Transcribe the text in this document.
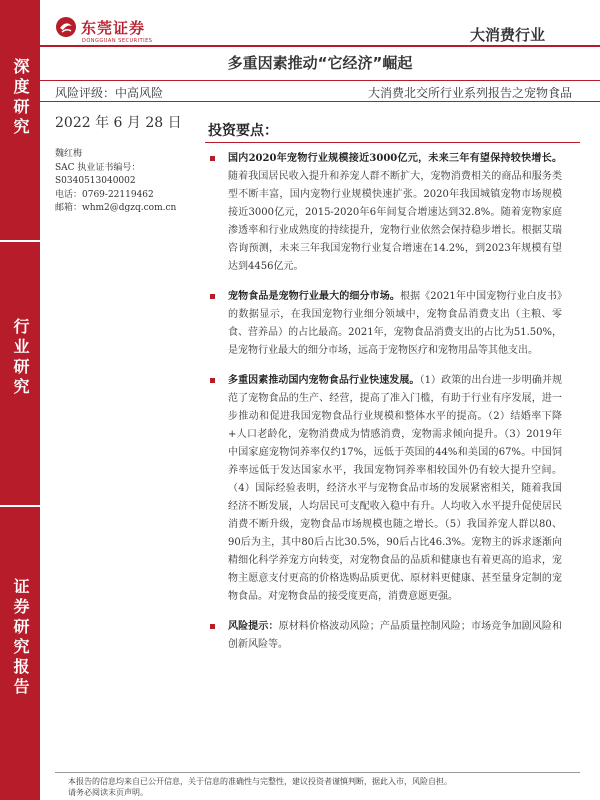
深度研究
行业研究
证券研究报告
东莞证券
DONGGUAN SECURITIES	大消费行业
多重因素推动“它经济”崛起
风险评级：中高风险	大消费北交所行业系列报告之宠物食品
2022 年 6 月 28 日
魏红梅
SAC 执业证书编号：
S0340513040002
电话：0769-22119462
邮箱：whm2@dgzq.com.cn
投资要点：
国内2020年宠物行业规模接近3000亿元，未来三年有望保持较快增长。随着我国居民收入提升和养宠人群不断扩大，宠物消费相关的商品和服务类型不断丰富，国内宠物行业规模快速扩张。2020年我国城镇宠物市场规模接近3000亿元，2015-2020年6年间复合增速达到32.8%。随着宠物家庭渗透率和行业成熟度的持续提升，宠物行业依然会保持稳步增长。根据艾瑞咨询预测，未来三年我国宠物行业复合增速在14.2%，到2023年规模有望达到4456亿元。
宠物食品是宠物行业最大的细分市场。根据《2021年中国宠物行业白皮书》的数据显示，在我国宠物行业细分领域中，宠物食品消费支出（主粮、零食、营养品）的占比最高。2021年，宠物食品消费支出的占比为51.50%，是宠物行业最大的细分市场，远高于宠物医疗和宠物用品等其他支出。
多重因素推动国内宠物食品行业快速发展。（1）政策的出台进一步明确并规范了宠物食品的生产、经营，提高了准入门槛，有助于行业有序发展，进一步推动和促进我国宠物食品行业规模和整体水平的提高。（2）结婚率下降+人口老龄化，宠物消费成为情感消费，宠物需求倾向提升。（3）2019年中国家庭宠物饲养率仅约17%，远低于英国的44%和美国的67%。中国饲养率远低于发达国家水平，我国宠物饲养率相较国外仍有较大提升空间。（4）国际经验表明，经济水平与宠物食品市场的发展紧密相关，随着我国经济不断发展，人均居民可支配收入稳中有升。人均收入水平提升促使居民消费不断升级，宠物食品市场规模也随之增长。（5）我国养宠人群以80、90后为主，其中80后占比30.5%，90后占比46.3%。宠物主的诉求逐渐向精细化科学养宠方向转变，对宠物食品的品质和健康也有着更高的追求，宠物主愿意支付更高的价格选购品质更优、原材料更健康、甚至量身定制的宠物食品。对宠物食品的接受度更高，消费意愿更强。
风险提示：原材料价格波动风险；产品质量控制风险；市场竞争加剧风险和创新风险等。
本报告的信息均来自已公开信息，关于信息的准确性与完整性，建议投资者谨慎判断，据此入市，风险自担。
请务必阅读末页声明。
